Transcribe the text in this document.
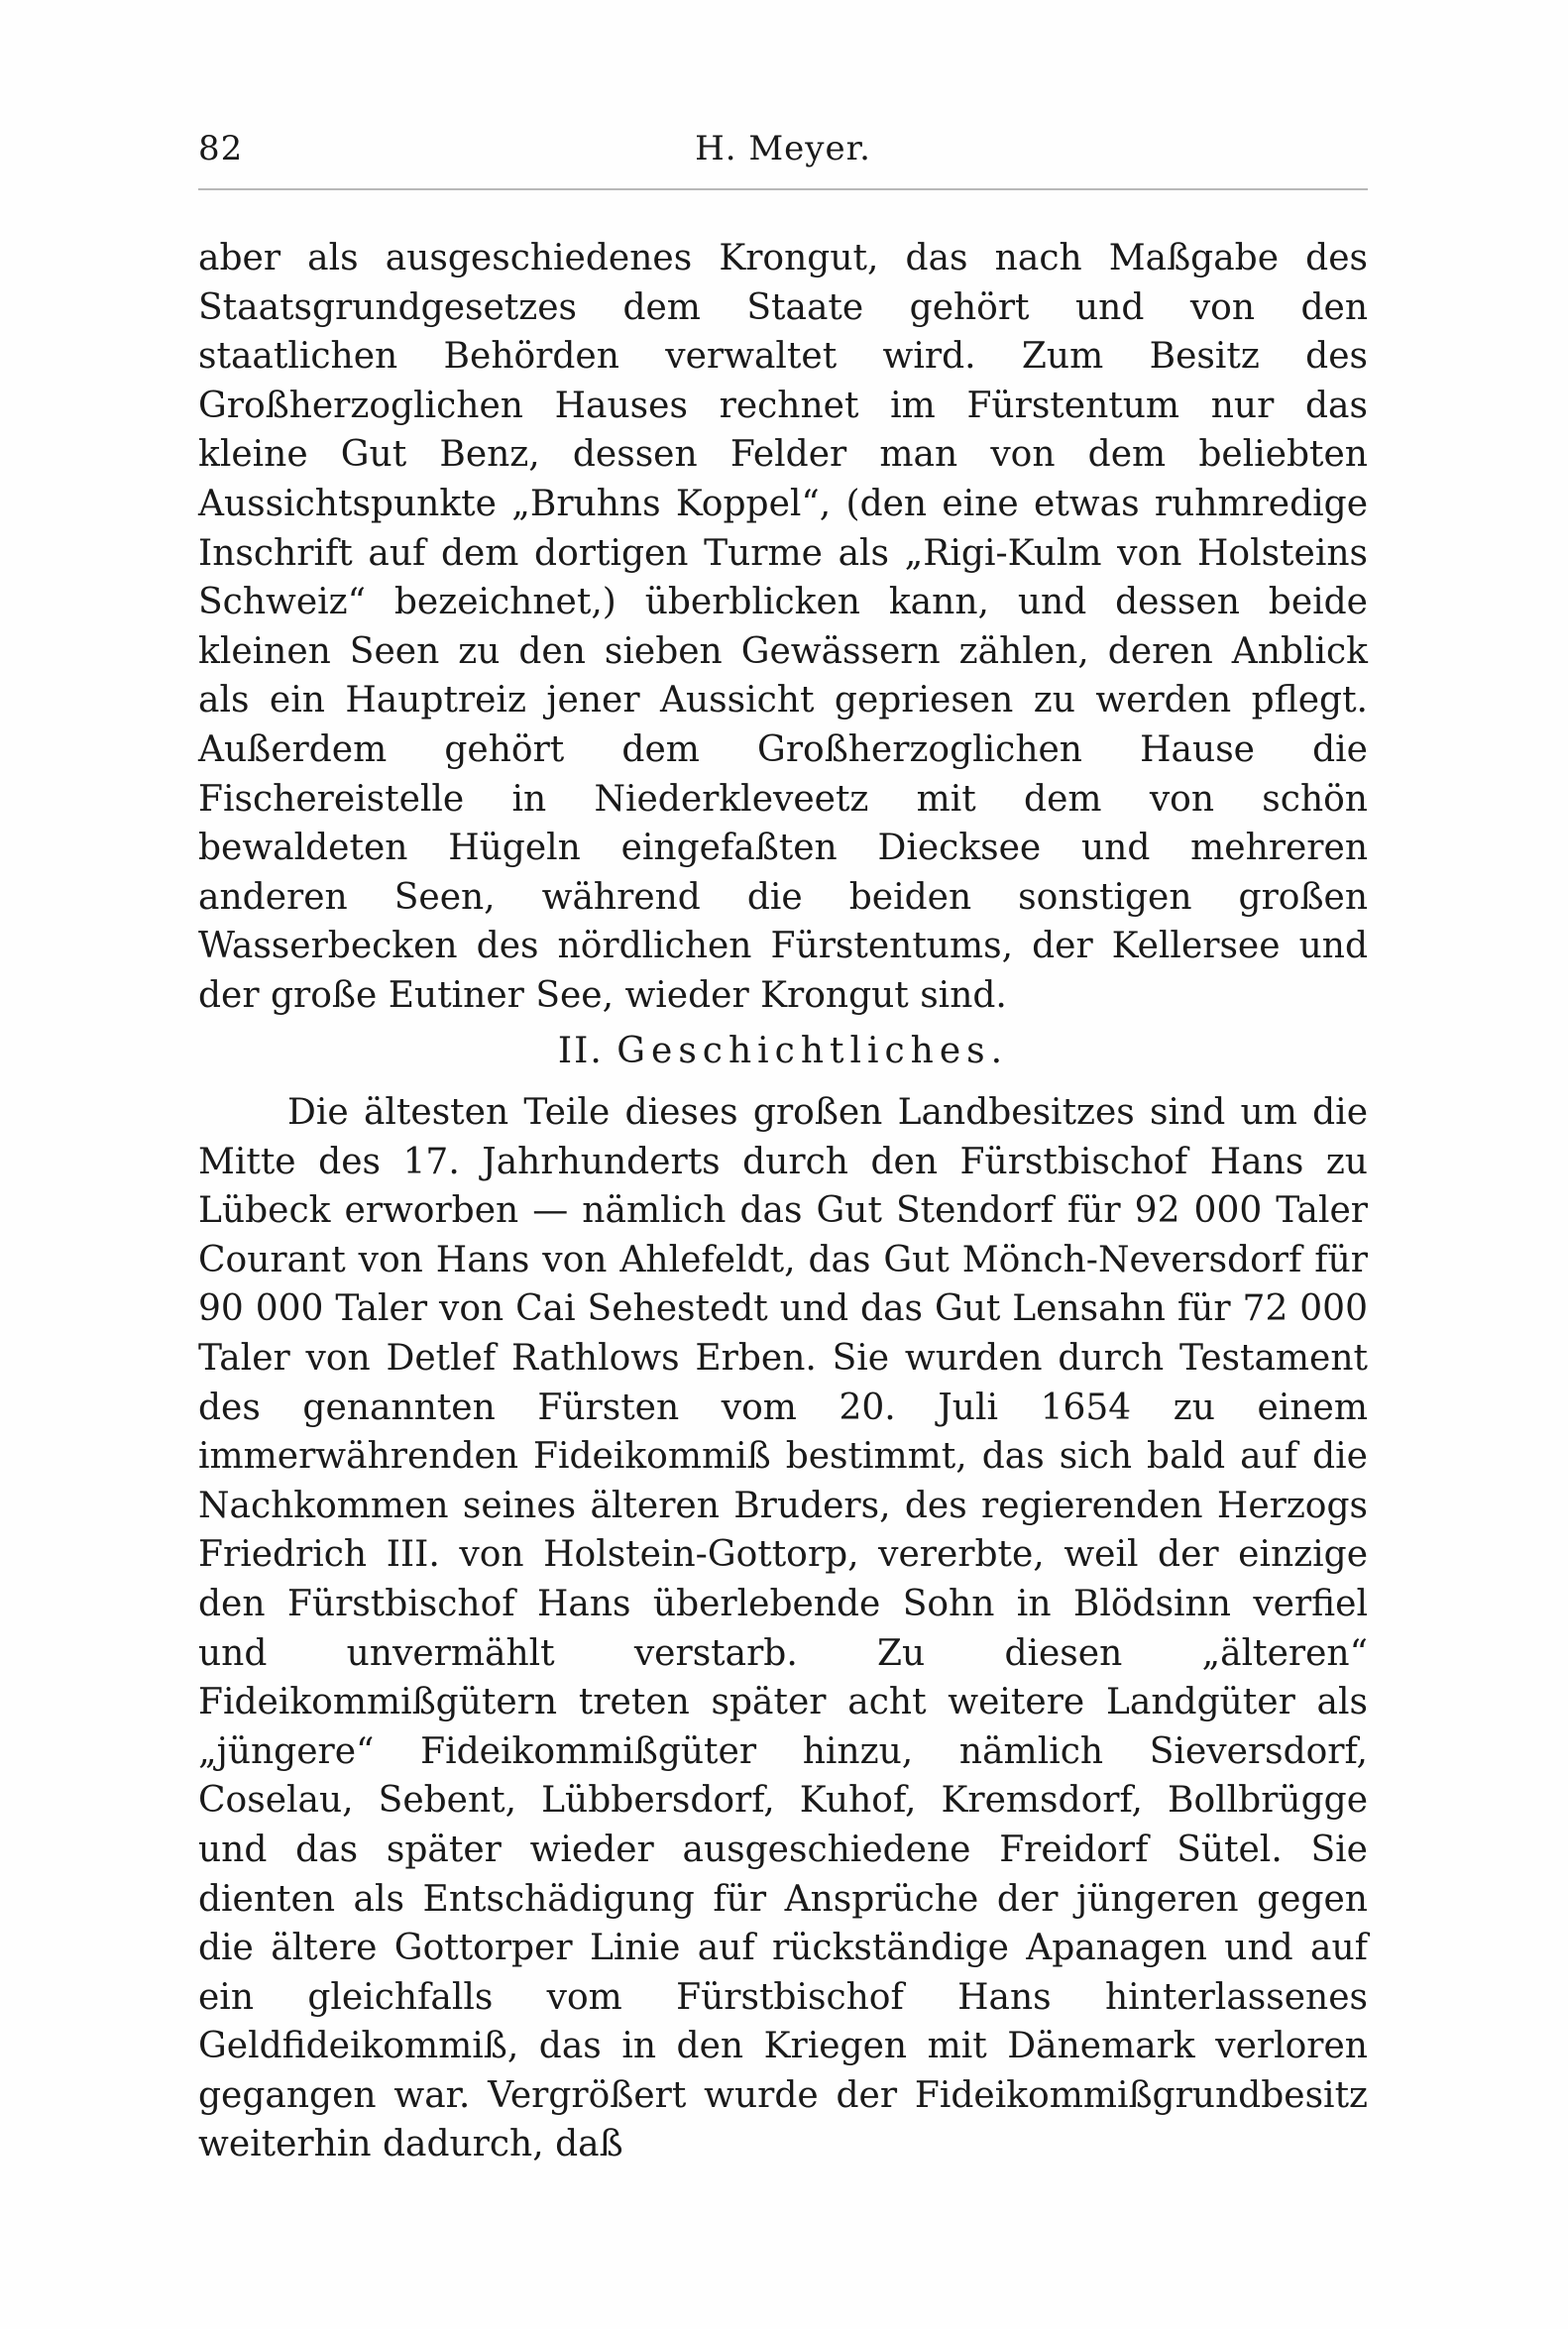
82	H. Meyer.

aber als ausgeschiedenes Krongut, das nach Maßgabe des Staatsgrundgesetzes dem Staate gehört und von den staatlichen Behörden verwaltet wird. Zum Besitz des Großherzoglichen Hauses rechnet im Fürstentum nur das kleine Gut Benz, dessen Felder man von dem beliebten Aussichtspunkte „Bruhns Koppel“, (den eine etwas ruhmredige Inschrift auf dem dortigen Turme als „Rigi-Kulm von Holsteins Schweiz“ bezeichnet,) überblicken kann, und dessen beide kleinen Seen zu den sieben Gewässern zählen, deren Anblick als ein Hauptreiz jener Aussicht gepriesen zu werden pflegt. Außerdem gehört dem Großherzoglichen Hause die Fischereistelle in Niederkleveetz mit dem von schön bewaldeten Hügeln eingefaßten Diecksee und mehreren anderen Seen, während die beiden sonstigen großen Wasserbecken des nördlichen Fürstentums, der Kellersee und der große Eutiner See, wieder Krongut sind.

II. Geschichtliches.

Die ältesten Teile dieses großen Landbesitzes sind um die Mitte des 17. Jahrhunderts durch den Fürstbischof Hans zu Lübeck erworben — nämlich das Gut Stendorf für 92 000 Taler Courant von Hans von Ahlefeldt, das Gut Mönch-Neversdorf für 90 000 Taler von Cai Sehestedt und das Gut Lensahn für 72 000 Taler von Detlef Rathlows Erben. Sie wurden durch Testament des genannten Fürsten vom 20. Juli 1654 zu einem immerwährenden Fideikommiß bestimmt, das sich bald auf die Nachkommen seines älteren Bruders, des regierenden Herzogs Friedrich III. von Holstein-Gottorp, vererbte, weil der einzige den Fürstbischof Hans überlebende Sohn in Blödsinn verfiel und unvermählt verstarb. Zu diesen „älteren“ Fideikommißgütern treten später acht weitere Landgüter als „jüngere“ Fideikommißgüter hinzu, nämlich Sieversdorf, Coselau, Sebent, Lübbersdorf, Kuhof, Kremsdorf, Bollbrügge und das später wieder ausgeschiedene Freidorf Sütel. Sie dienten als Entschädigung für Ansprüche der jüngeren gegen die ältere Gottorper Linie auf rückständige Apanagen und auf ein gleichfalls vom Fürstbischof Hans hinterlassenes Geldfideikommiß, das in den Kriegen mit Dänemark verloren gegangen war. Vergrößert wurde der Fideikommißgrundbesitz weiterhin dadurch, daß
